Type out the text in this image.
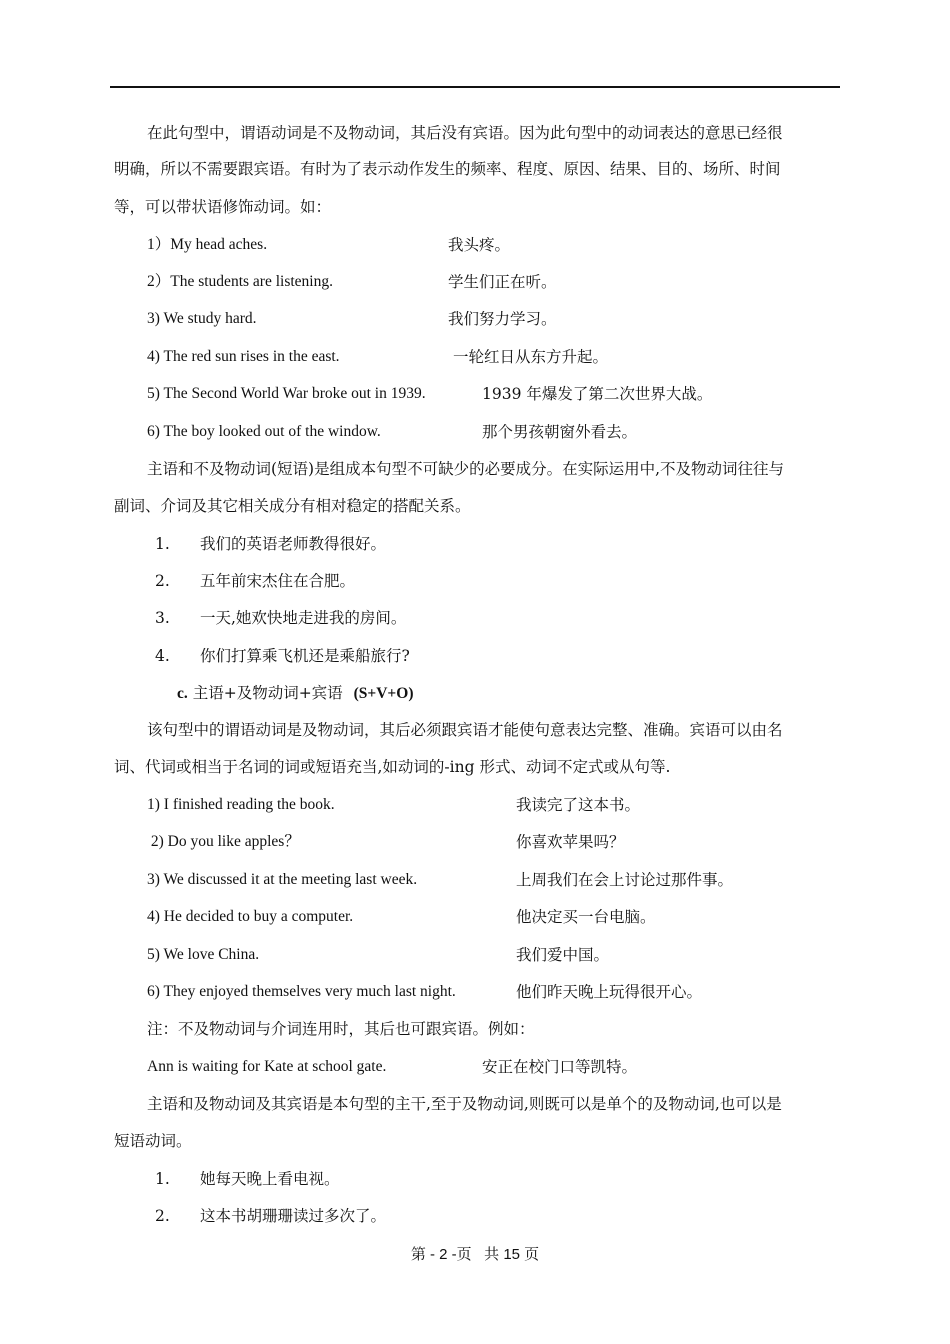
在此句型中，谓语动词是不及物动词，其后没有宾语。因为此句型中的动词表达的意思已经很
明确，所以不需要跟宾语。有时为了表示动作发生的频率、程度、原因、结果、目的、场所、时间
等，可以带状语修饰动词。如：
1）My head aches.	我头疼。
2）The students are listening.	学生们正在听。
3) We study hard.	我们努力学习。
4) The red sun rises in the east.	一轮红日从东方升起。
5) The Second World War broke out in 1939.	1939 年爆发了第二次世界大战。
6) The boy looked out of the window.	那个男孩朝窗外看去。
主语和不及物动词(短语)是组成本句型不可缺少的必要成分。在实际运用中,不及物动词往往与
副词、介词及其它相关成分有相对稳定的搭配关系。
1. 我们的英语老师教得很好。
2. 五年前宋杰住在合肥。
3. 一天,她欢快地走进我的房间。
4. 你们打算乘飞机还是乘船旅行?
c. 主语+及物动词+宾语 (S+V+O)
该句型中的谓语动词是及物动词，其后必须跟宾语才能使句意表达完整、准确。宾语可以由名
词、代词或相当于名词的词或短语充当,如动词的-ing 形式、动词不定式或从句等.
1) I finished reading the book.	我读完了这本书。
2) Do you like apples？	你喜欢苹果吗？
3) We discussed it at the meeting last week.	上周我们在会上讨论过那件事。
4) He decided to buy a computer.	他决定买一台电脑。
5) We love China.	我们爱中国。
6) They enjoyed themselves very much last night.	他们昨天晚上玩得很开心。
注：不及物动词与介词连用时，其后也可跟宾语。例如：
Ann is waiting for Kate at school gate.	安正在校门口等凯特。
主语和及物动词及其宾语是本句型的主干,至于及物动词,则既可以是单个的及物动词,也可以是
短语动词。
1. 她每天晚上看电视。
2. 这本书胡珊珊读过多次了。
第 - 2 -页   共 15 页
